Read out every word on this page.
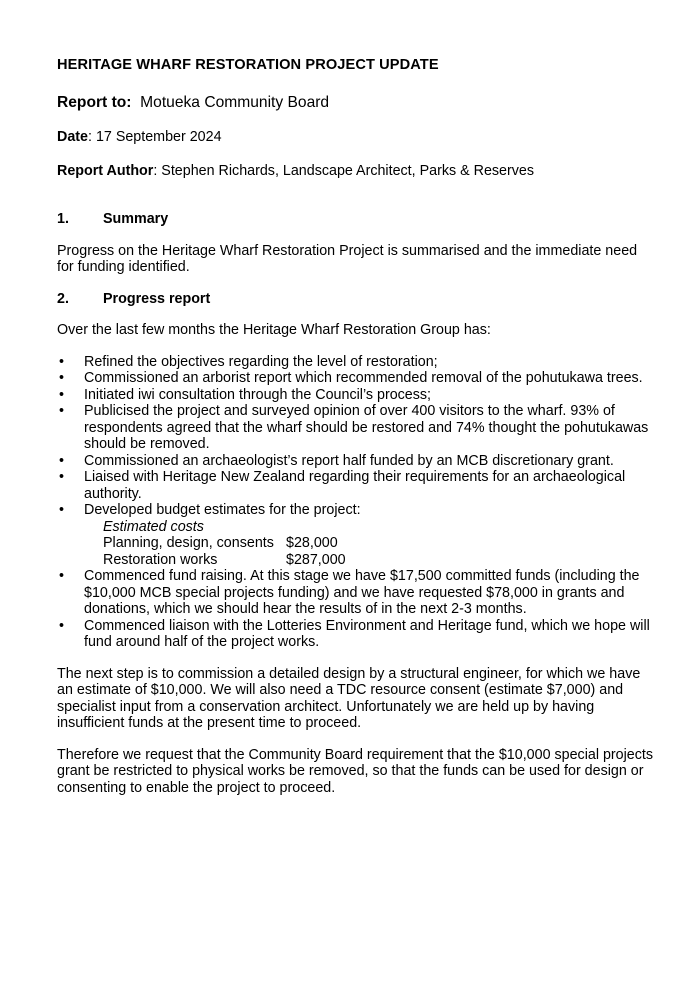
HERITAGE WHARF RESTORATION PROJECT UPDATE
Report to: Motueka Community Board
Date: 17 September 2024
Report Author: Stephen Richards, Landscape Architect, Parks & Reserves
1.	Summary

Progress on the Heritage Wharf Restoration Project is summarised and the immediate need for funding identified.

2.	Progress report

Over the last few months the Heritage Wharf Restoration Group has:

• Refined the objectives regarding the level of restoration;
• Commissioned an arborist report which recommended removal of the pohutukawa trees.
• Initiated iwi consultation through the Council’s process;
• Publicised the project and surveyed opinion of over 400 visitors to the wharf. 93% of respondents agreed that the wharf should be restored and 74% thought the pohutukawas should be removed.
• Commissioned an archaeologist’s report half funded by an MCB discretionary grant.
• Liaised with Heritage New Zealand regarding their requirements for an archaeological authority.
• Developed budget estimates for the project:
Estimated costs
Planning, design, consents $28,000
Restoration works	$287,000
• Commenced fund raising. At this stage we have $17,500 committed funds (including the $10,000 MCB special projects funding) and we have requested $78,000 in grants and donations, which we should hear the results of in the next 2-3 months.
• Commenced liaison with the Lotteries Environment and Heritage fund, which we hope will fund around half of the project works.

The next step is to commission a detailed design by a structural engineer, for which we have an estimate of $10,000. We will also need a TDC resource consent (estimate $7,000) and specialist input from a conservation architect. Unfortunately we are held up by having insufficient funds at the present time to proceed.

Therefore we request that the Community Board requirement that the $10,000 special projects grant be restricted to physical works be removed, so that the funds can be used for design or consenting to enable the project to proceed.
